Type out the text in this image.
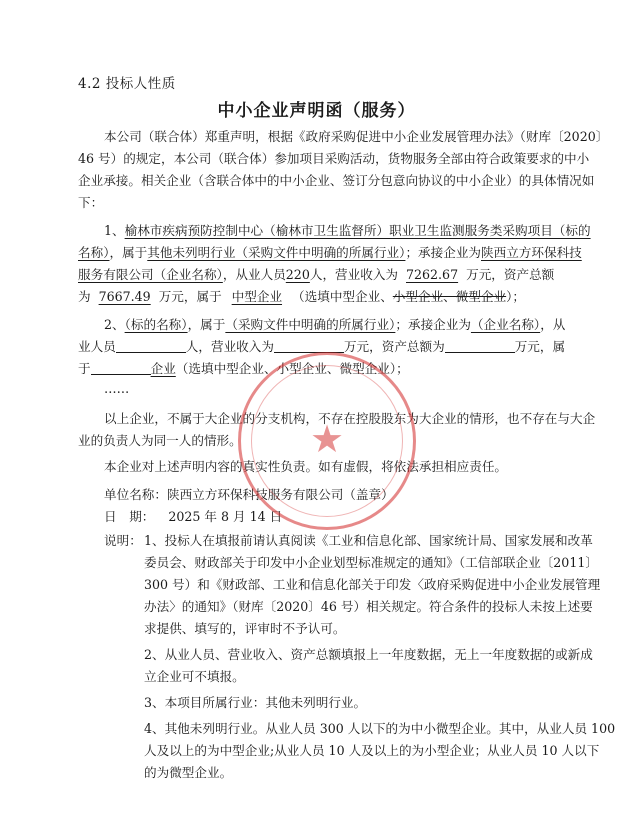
4.2 投标人性质
中小企业声明函（服务）
本公司（联合体）郑重声明，根据《政府采购促进中小企业发展管理办法》（财库〔2020〕
46 号）的规定，本公司（联合体）参加项目采购活动，货物服务全部由符合政策要求的中小
企业承接。相关企业（含联合体中的中小企业、签订分包意向协议的中小企业）的具体情况如
下：
1、榆林市疾病预防控制中心（榆林市卫生监督所）职业卫生监测服务类采购项目（标的
名称），属于其他未列明行业（采购文件中明确的所属行业）；承接企业为陕西立方环保科技
服务有限公司（企业名称），从业人员220人，营业收入为 7262.67 万元，资产总额
为 7667.49 万元，属于 中型企业 （选填中型企业、小型企业、微型企业）；
2、（标的名称），属于（采购文件中明确的所属行业）；承接企业为（企业名称），从
业人员	人，营业收入为	万元，资产总额为	万元，属
于	企业（选填中型企业、小型企业、微型企业）；
……
以上企业，不属于大企业的分支机构，不存在控股股东为大企业的情形，也不存在与大企
业的负责人为同一人的情形。
本企业对上述声明内容的真实性负责。如有虚假，将依法承担相应责任。
单位名称：陕西立方环保科技服务有限公司（盖章）
日　期： 2025 年 8 月 14 日
说明： 1、投标人在填报前请认真阅读《工业和信息化部、国家统计局、国家发展和改革
委员会、财政部关于印发中小企业划型标准规定的通知》（工信部联企业〔2011〕
300 号）和《财政部、工业和信息化部关于印发〈政府采购促进中小企业发展管理
办法〉的通知》（财库〔2020〕46 号）相关规定。符合条件的投标人未按上述要
求提供、填写的，评审时不予认可。
2、从业人员、营业收入、资产总额填报上一年度数据，无上一年度数据的或新成
立企业可不填报。
3、本项目所属行业：其他未列明行业。
4、其他未列明行业。从业人员 300 人以下的为中小微型企业。其中，从业人员 100
人及以上的为中型企业;从业人员 10 人及以上的为小型企业；从业人员 10 人以下
的为微型企业。
★
